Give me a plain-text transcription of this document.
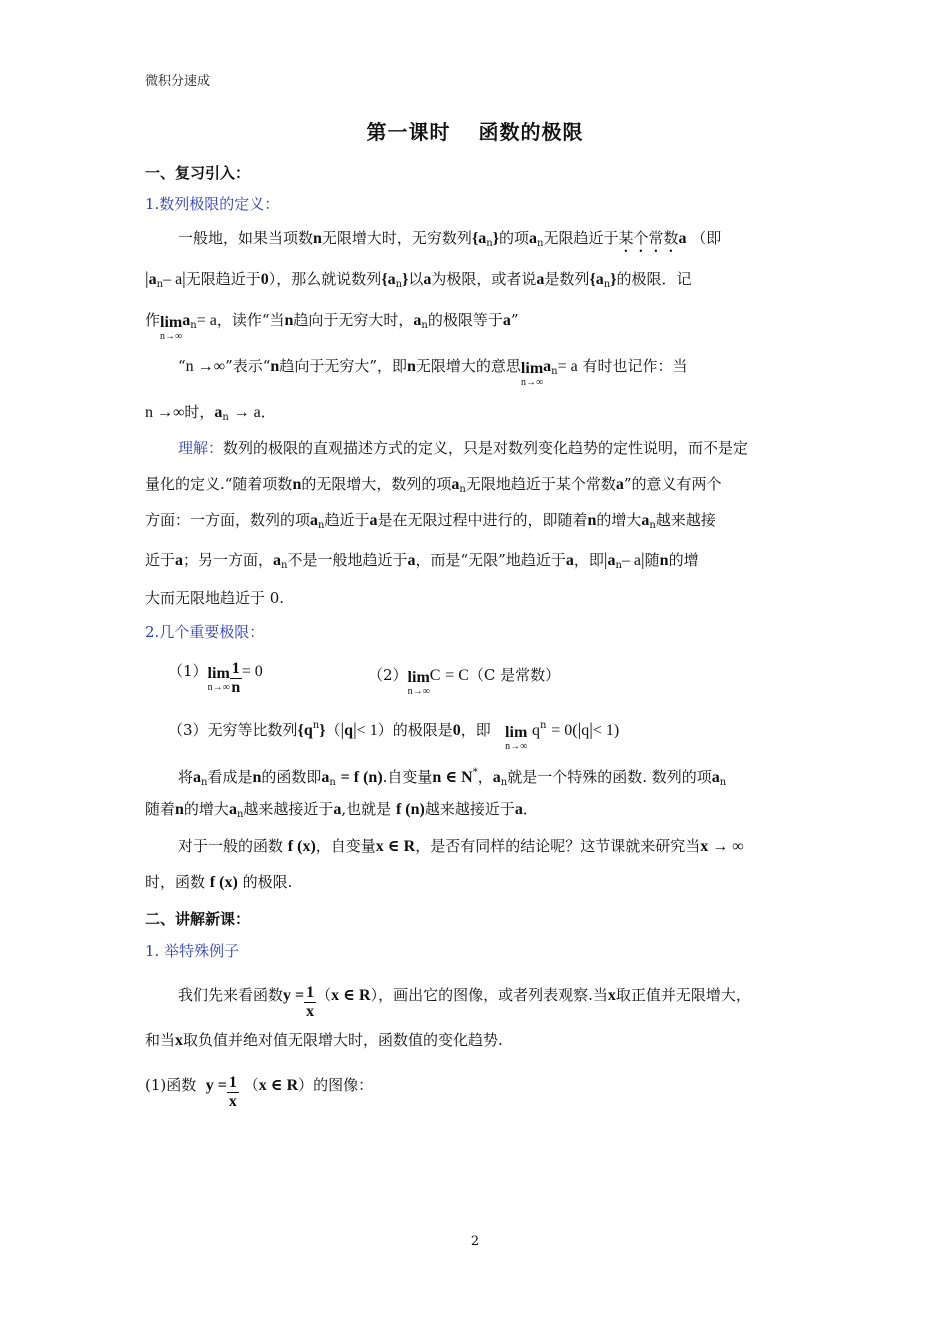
微积分速成
第一课时 函数的极限
一、复习引入：
1.数列极限的定义：
一般地，如果当项数n无限增大时，无穷数列$\{a_n\}$的项$a_n$无限趋近于某个常数a （即
$|a_n-$ a|无限趋近于0），那么就说数列$\{a_n\}$以a为极限，或者说a是数列$\{a_n\}$的极限．记
作 lim
n→∞
$a_n= a$，读作“当n趋向于无穷大时，$a_n$的极限等于a”
“n →∞”表示“n趋向于无穷大”，即n无限增大的意思 lim
n→∞
$a_n= a$ 有时也记作：当
n →∞时，$a_n \to a$．
理解：数列的极限的直观描述方式的定义，只是对数列变化趋势的定性说明，而不是定
量化的定义.“随着项数n的无限增大，数列的项$a_n$无限地趋近于某个常数a”的意义有两个
方面：一方面，数列的项$a_n$趋近于a是在无限过程中进行的，即随着n的增大$a_n$越来越接
近于a；另一方面，$a_n$不是一般地趋近于a，而是“无限”地趋近于a，即$|a_n-$ a|随n的增
大而无限地趋近于 0.
2.几个重要极限：
（1） lim
$n\to\infty \frac{1}{n} = 0$	（2） lim
n→∞
C = C（C 是常数）
（3）无穷等比数列$\{q^n\}(|q|< 1)$的极限是0，即 lim
n→∞
$q^n = 0(|q|< 1)$
将$a_n$看成是n的函数即$a_n = f$ (n).自变量n ∈ N*，$a_n$就是一个特殊的函数. 数列的项$a_n$
随着n的增大$a_n$越来越接近于a,也就是 f (n)越来越接近于a．
对于一般的函数 f (x)，自变量x ∈ R，是否有同样的结论呢？这节课就来研究当x → ∞
时，函数 f (x) 的极限.
二、讲解新课：
1. 举特殊例子
我们先来看函数$y = \frac{1}{x} (x$ ∈ R），画出它的图像，或者列表观察.当x取正值并无限增大，
和当x取负值并绝对值无限增大时，函数值的变化趋势.
(1)函数 $y = \frac{1}{x} (x$ ∈ R）的图像：
2
